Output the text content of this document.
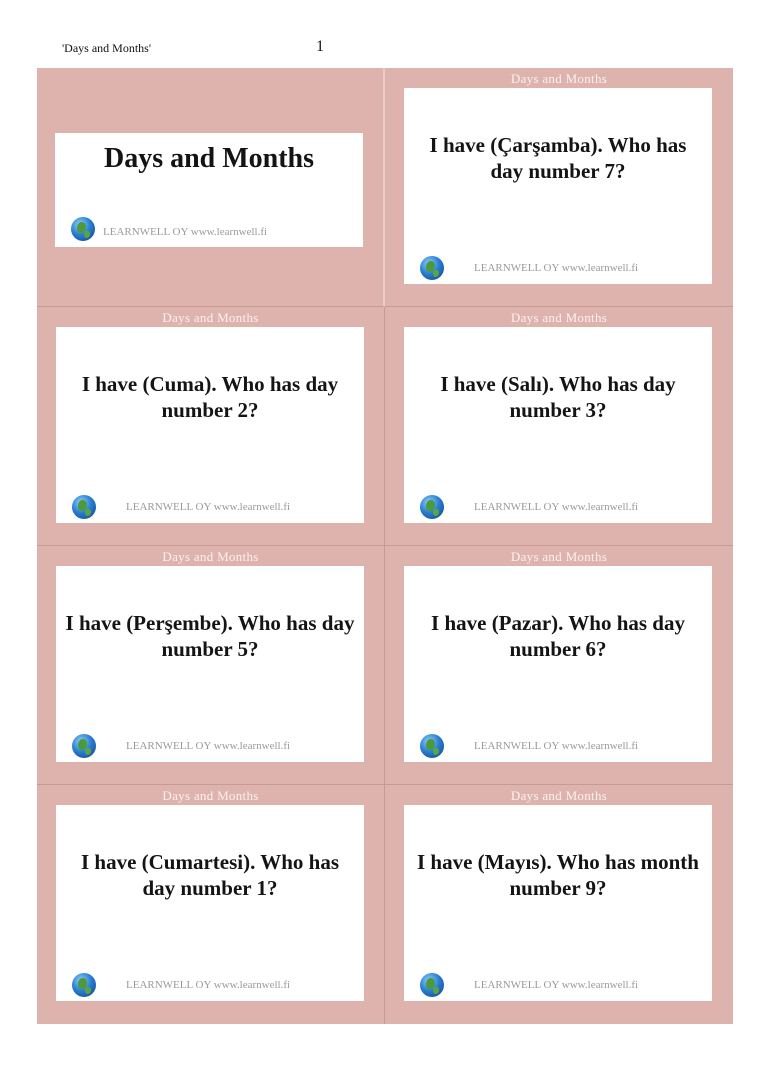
'Days and Months'	1
Days and Months
LEARNWELL OY www.learnwell.fi
Days and Months
I have (Çarşamba). Who has day number 7?
LEARNWELL OY www.learnwell.fi
Days and Months
I have (Cuma). Who has day number 2?
LEARNWELL OY www.learnwell.fi
Days and Months
I have (Salı). Who has day number 3?
LEARNWELL OY www.learnwell.fi
Days and Months
I have (Perşembe). Who has day number 5?
LEARNWELL OY www.learnwell.fi
Days and Months
I have (Pazar). Who has day number 6?
LEARNWELL OY www.learnwell.fi
Days and Months
I have (Cumartesi). Who has day number 1?
LEARNWELL OY www.learnwell.fi
Days and Months
I have (Mayıs). Who has month number 9?
LEARNWELL OY www.learnwell.fi
